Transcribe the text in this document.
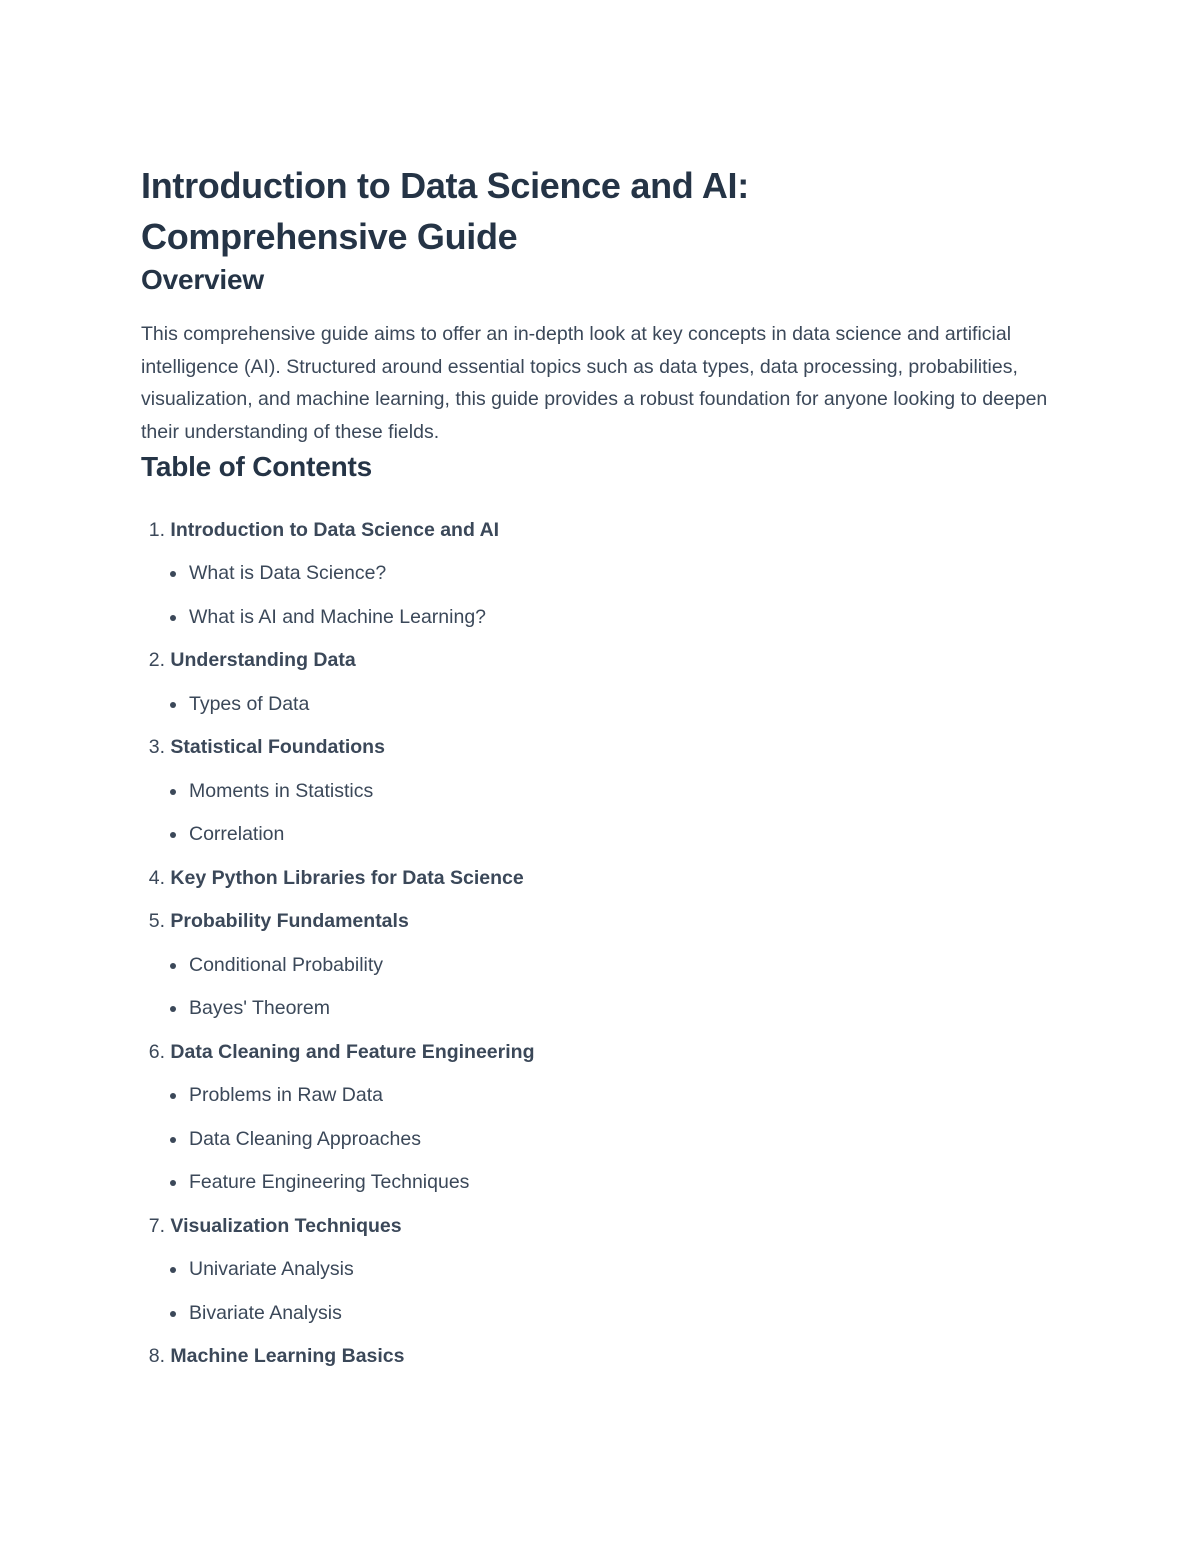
Introduction to Data Science and AI:
Comprehensive Guide
Overview

This comprehensive guide aims to offer an in-depth look at key concepts in data science and artificial intelligence (AI). Structured around essential topics such as data types, data processing, probabilities, visualization, and machine learning, this guide provides a robust foundation for anyone looking to deepen their understanding of these fields.

Table of Contents
1.
Introduction to Data Science and AI
What is Data Science?
What is AI and Machine Learning?
2.
Understanding Data
Types of Data
3.
Statistical Foundations
Moments in Statistics
Correlation
4.
Key Python Libraries for Data Science
5.
Probability Fundamentals
Conditional Probability
Bayes' Theorem
6.
Data Cleaning and Feature Engineering
Problems in Raw Data
Data Cleaning Approaches
Feature Engineering Techniques
7.
Visualization Techniques
Univariate Analysis
Bivariate Analysis
8.
Machine Learning Basics
